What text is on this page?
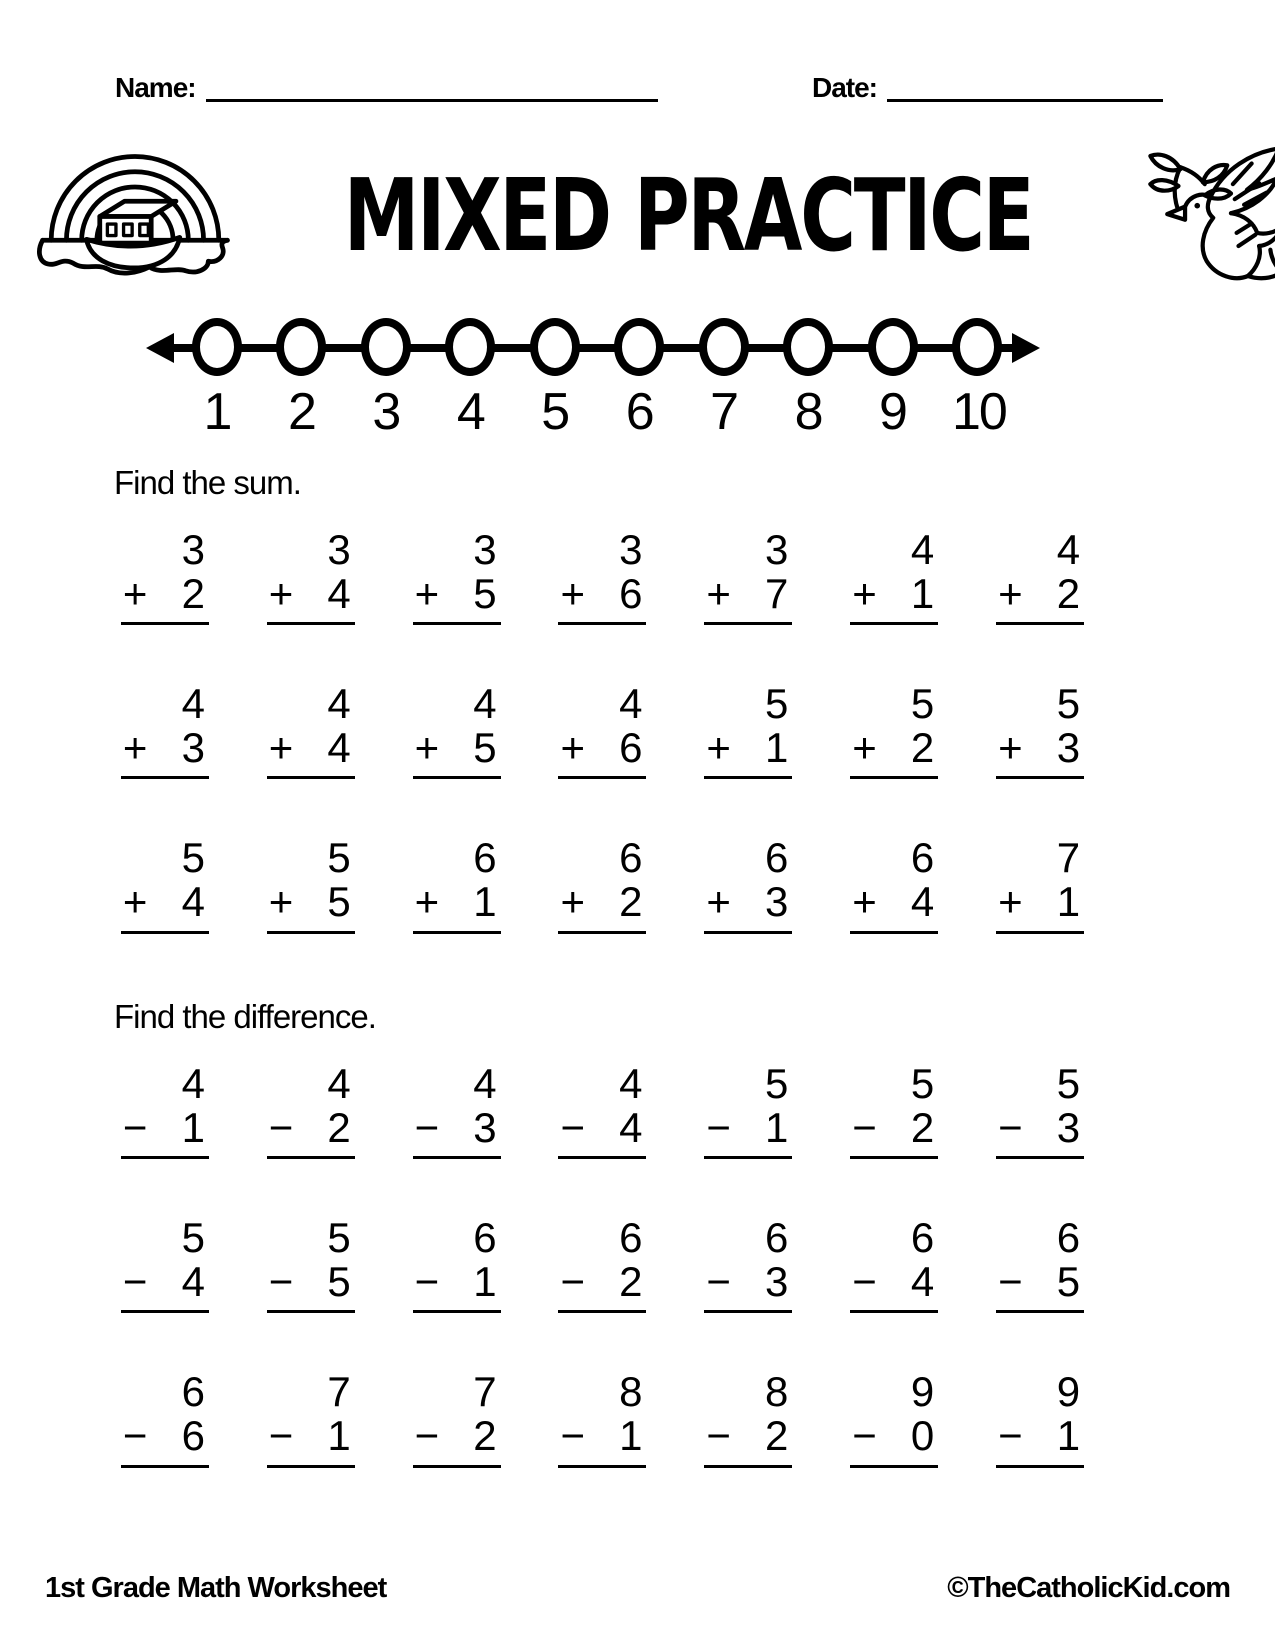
Name:	Date:
MIXED PRACTICE
1 2 3 4 5 6 7 8 9 10
Find the sum.
3
+ 2
3
+ 4
3
+ 5
3
+ 6
3
+ 7
4
+ 1
4
+ 2
4
+ 3
4
+ 4
4
+ 5
4
+ 6
5
+ 1
5
+ 2
5
+ 3
5
+ 4
5
+ 5
6
+ 1
6
+ 2
6
+ 3
6
+ 4
7
+ 1
Find the difference.
4
− 1
4
− 2
4
− 3
4
− 4
5
− 1
5
− 2
5
− 3
5
− 4
5
− 5
6
− 1
6
− 2
6
− 3
6
− 4
6
− 5
6
− 6
7
− 1
7
− 2
8
− 1
8
− 2
9
− 0
9
− 1
1st Grade Math Worksheet	©TheCatholicKid.com
